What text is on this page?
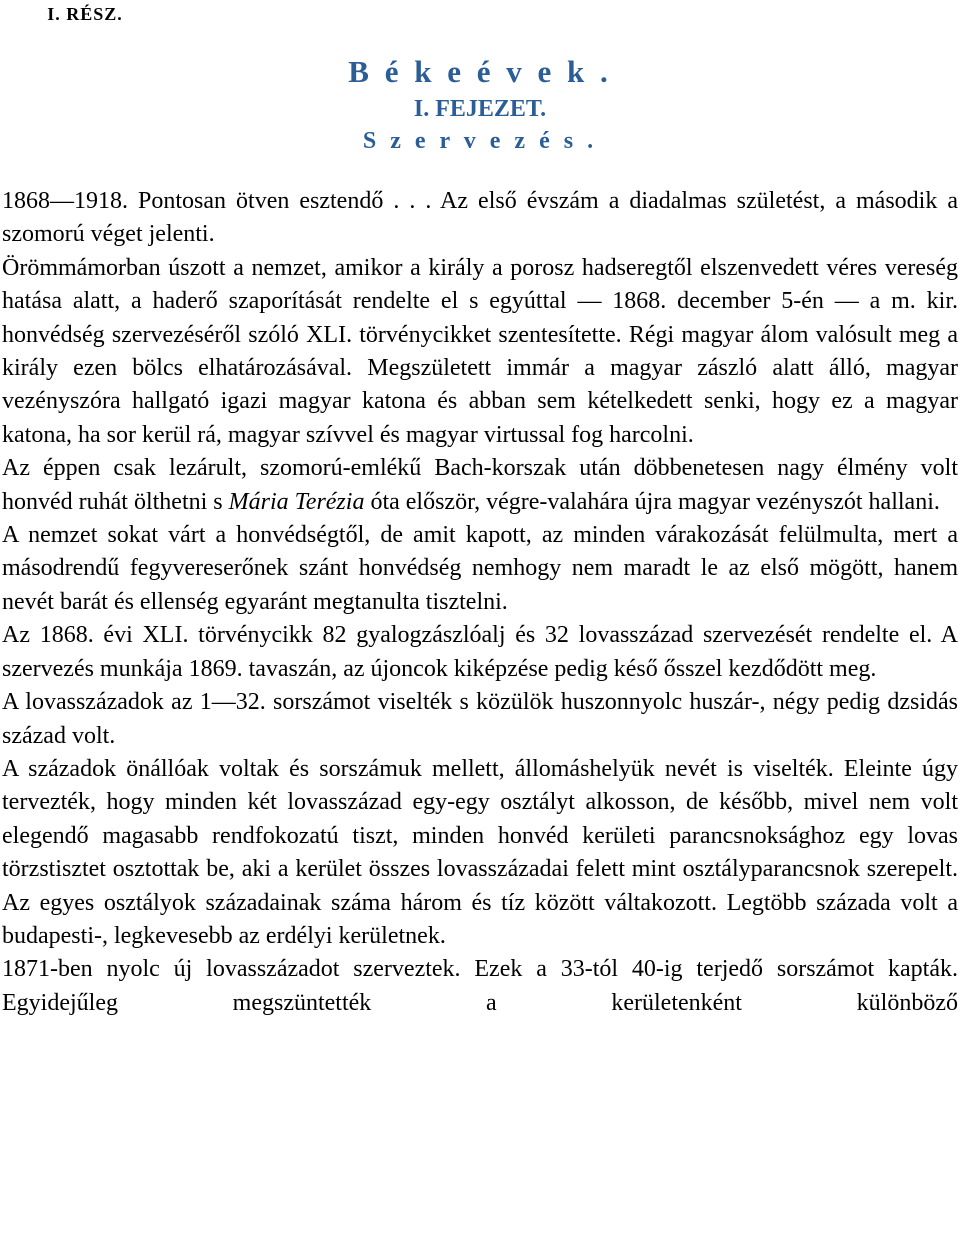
I. RÉSZ.
B é k e é v e k .
I. FEJEZET.
S z e r v e z é s .

1868—1918. Pontosan ötven esztendő . . . Az első évszám a diadalmas születést, a második a szomorú véget jelenti.

Örömmámorban úszott a nemzet, amikor a király a porosz hadseregtől elszenvedett véres vereség hatása alatt, a haderő szaporítását rendelte el s egyúttal — 1868. december 5-én — a m. kir. honvédség szervezéséről szóló XLI. törvénycikket szentesítette. Régi magyar álom valósult meg a király ezen bölcs elhatározásával. Megszületett immár a magyar zászló alatt álló, magyar vezényszóra hallgató igazi magyar katona és abban sem kételkedett senki, hogy ez a magyar katona, ha sor kerül rá, magyar szívvel és magyar virtussal fog harcolni.

Az éppen csak lezárult, szomorú-emlékű Bach-korszak után döbbenetesen nagy élmény volt honvéd ruhát ölthetni s Mária Terézia óta először, végre-valahára újra magyar vezényszót hallani.

A nemzet sokat várt a honvédségtől, de amit kapott, az minden várakozását felülmulta, mert a másodrendű fegyvereserőnek szánt honvédség nemhogy nem maradt le az első mögött, hanem nevét barát és ellenség egyaránt megtanulta tisztelni.

Az 1868. évi XLI. törvénycikk 82 gyalogzászlóalj és 32 lovasszázad szervezését rendelte el. A szervezés munkája 1869. tavaszán, az újoncok kiképzése pedig késő ősszel kezdődött meg.

A lovasszázadok az 1—32. sorszámot viselték s közülök huszonnyolc huszár-, négy pedig dzsidás század volt.

A századok önállóak voltak és sorszámuk mellett, állomáshelyük nevét is viselték. Eleinte úgy tervezték, hogy minden két lovasszázad egy-egy osztályt alkosson, de később, mivel nem volt elegendő magasabb rendfokozatú tiszt, minden honvéd kerületi parancsnoksághoz egy lovas törzstisztet osztottak be, aki a kerület összes lovasszázadai felett mint osztályparancsnok szerepelt. Az egyes osztályok századainak száma három és tíz között váltakozott. Legtöbb százada volt a budapesti-, legkevesebb az erdélyi kerületnek.

1871-ben nyolc új lovasszázadot szerveztek. Ezek a 33-tól 40-ig terjedő sorszámot kapták. Egyidejűleg megszüntették a kerületenként különböző
